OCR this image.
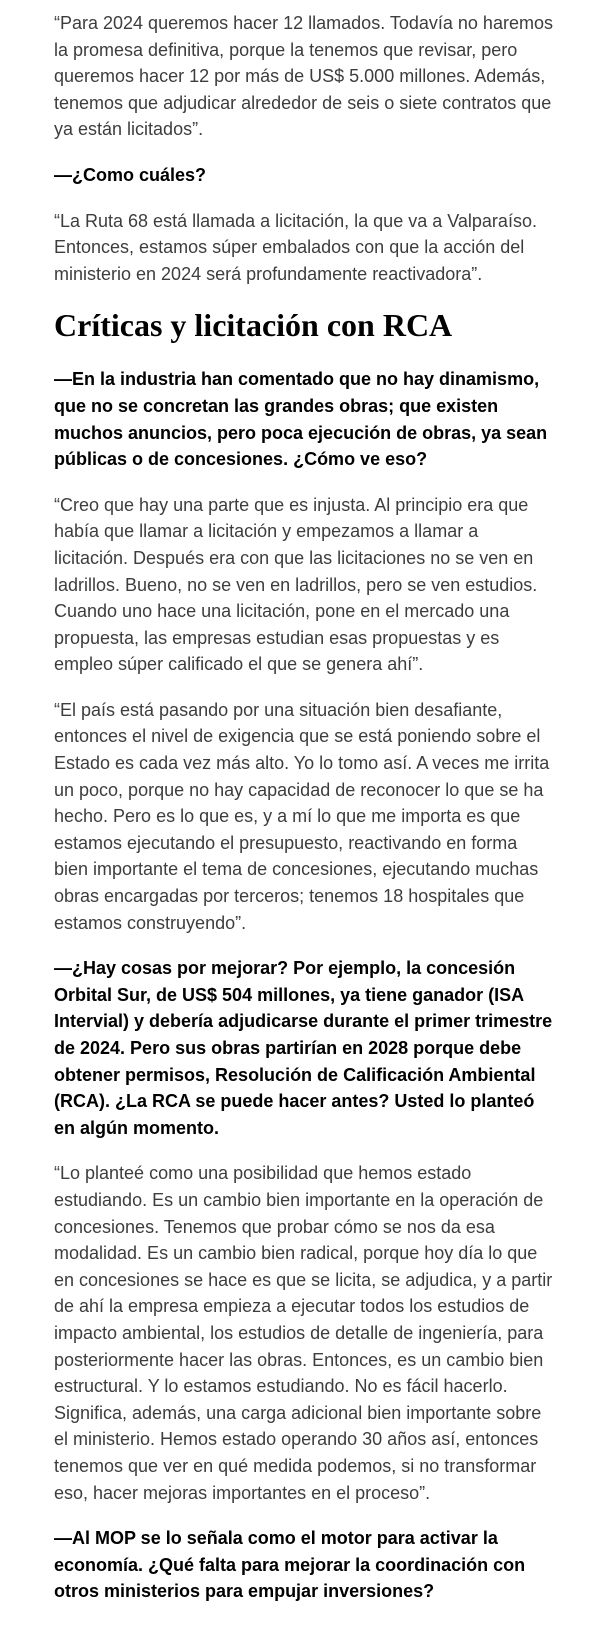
“Para 2024 queremos hacer 12 llamados. Todavía no haremos la promesa definitiva, porque la tenemos que revisar, pero queremos hacer 12 por más de US$ 5.000 millones. Además, tenemos que adjudicar alrededor de seis o siete contratos que ya están licitados”.

—¿Como cuáles?

“La Ruta 68 está llamada a licitación, la que va a Valparaíso. Entonces, estamos súper embalados con que la acción del ministerio en 2024 será profundamente reactivadora”.

Críticas y licitación con RCA

—En la industria han comentado que no hay dinamismo, que no se concretan las grandes obras; que existen muchos anuncios, pero poca ejecución de obras, ya sean públicas o de concesiones. ¿Cómo ve eso?

“Creo que hay una parte que es injusta. Al principio era que había que llamar a licitación y empezamos a llamar a licitación. Después era con que las licitaciones no se ven en ladrillos. Bueno, no se ven en ladrillos, pero se ven estudios. Cuando uno hace una licitación, pone en el mercado una propuesta, las empresas estudian esas propuestas y es empleo súper calificado el que se genera ahí”.

“El país está pasando por una situación bien desafiante, entonces el nivel de exigencia que se está poniendo sobre el Estado es cada vez más alto. Yo lo tomo así. A veces me irrita un poco, porque no hay capacidad de reconocer lo que se ha hecho. Pero es lo que es, y a mí lo que me importa es que estamos ejecutando el presupuesto, reactivando en forma bien importante el tema de concesiones, ejecutando muchas obras encargadas por terceros; tenemos 18 hospitales que estamos construyendo”.

—¿Hay cosas por mejorar? Por ejemplo, la concesión Orbital Sur, de US$ 504 millones, ya tiene ganador (ISA Intervial) y debería adjudicarse durante el primer trimestre de 2024. Pero sus obras partirían en 2028 porque debe obtener permisos, Resolución de Calificación Ambiental (RCA). ¿La RCA se puede hacer antes? Usted lo planteó en algún momento.

“Lo planteé como una posibilidad que hemos estado estudiando. Es un cambio bien importante en la operación de concesiones. Tenemos que probar cómo se nos da esa modalidad. Es un cambio bien radical, porque hoy día lo que en concesiones se hace es que se licita, se adjudica, y a partir de ahí la empresa empieza a ejecutar todos los estudios de impacto ambiental, los estudios de detalle de ingeniería, para posteriormente hacer las obras. Entonces, es un cambio bien estructural. Y lo estamos estudiando. No es fácil hacerlo. Significa, además, una carga adicional bien importante sobre el ministerio. Hemos estado operando 30 años así, entonces tenemos que ver en qué medida podemos, si no transformar eso, hacer mejoras importantes en el proceso”.

—Al MOP se lo señala como el motor para activar la economía. ¿Qué falta para mejorar la coordinación con otros ministerios para empujar inversiones?
